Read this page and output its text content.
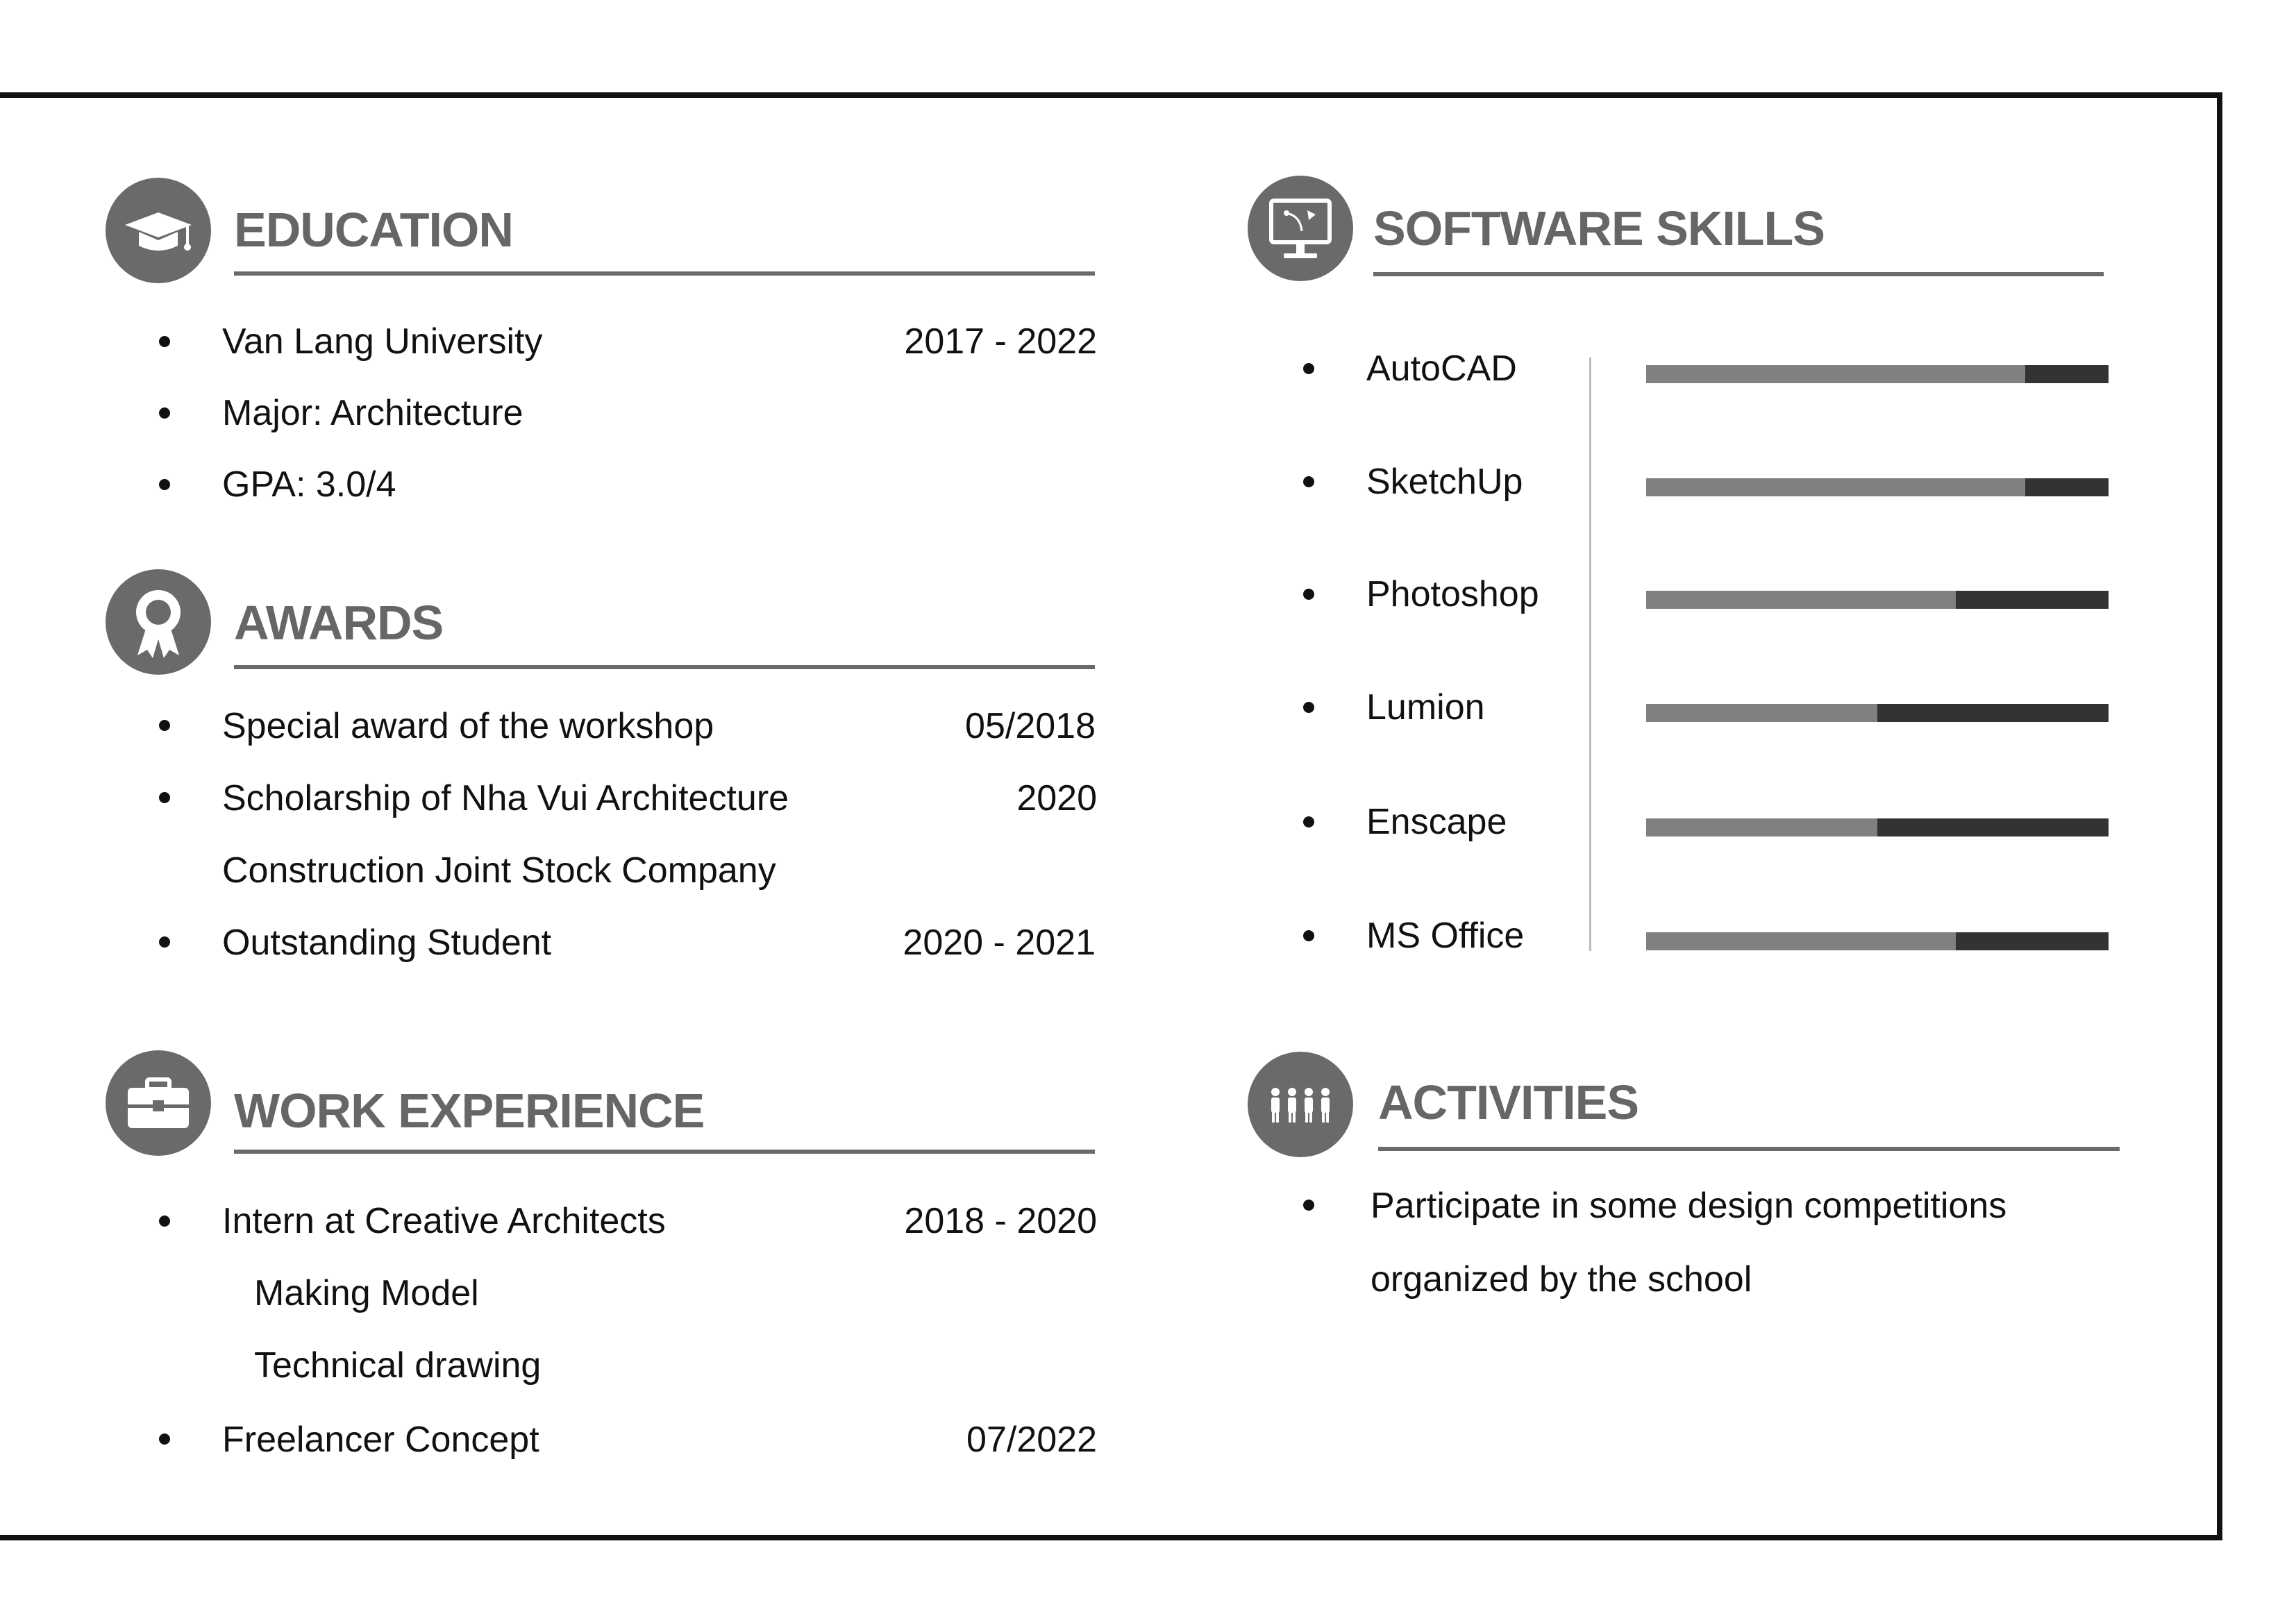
EDUCATION
Van Lang University	2017 - 2022
Major: Architecture
GPA: 3.0/4
AWARDS
Special award of the workshop	05/2018
Scholarship of Nha Vui Architecture	2020
Construction Joint Stock Company
Outstanding Student	2020 - 2021
WORK EXPERIENCE
Intern at Creative Architects	2018 - 2020
Making Model
Technical drawing
Freelancer Concept	07/2022
SOFTWARE SKILLS
AutoCAD
SketchUp
Photoshop
Lumion
Enscape
MS Office
ACTIVITIES
Participate in some design competitions
organized by the school
